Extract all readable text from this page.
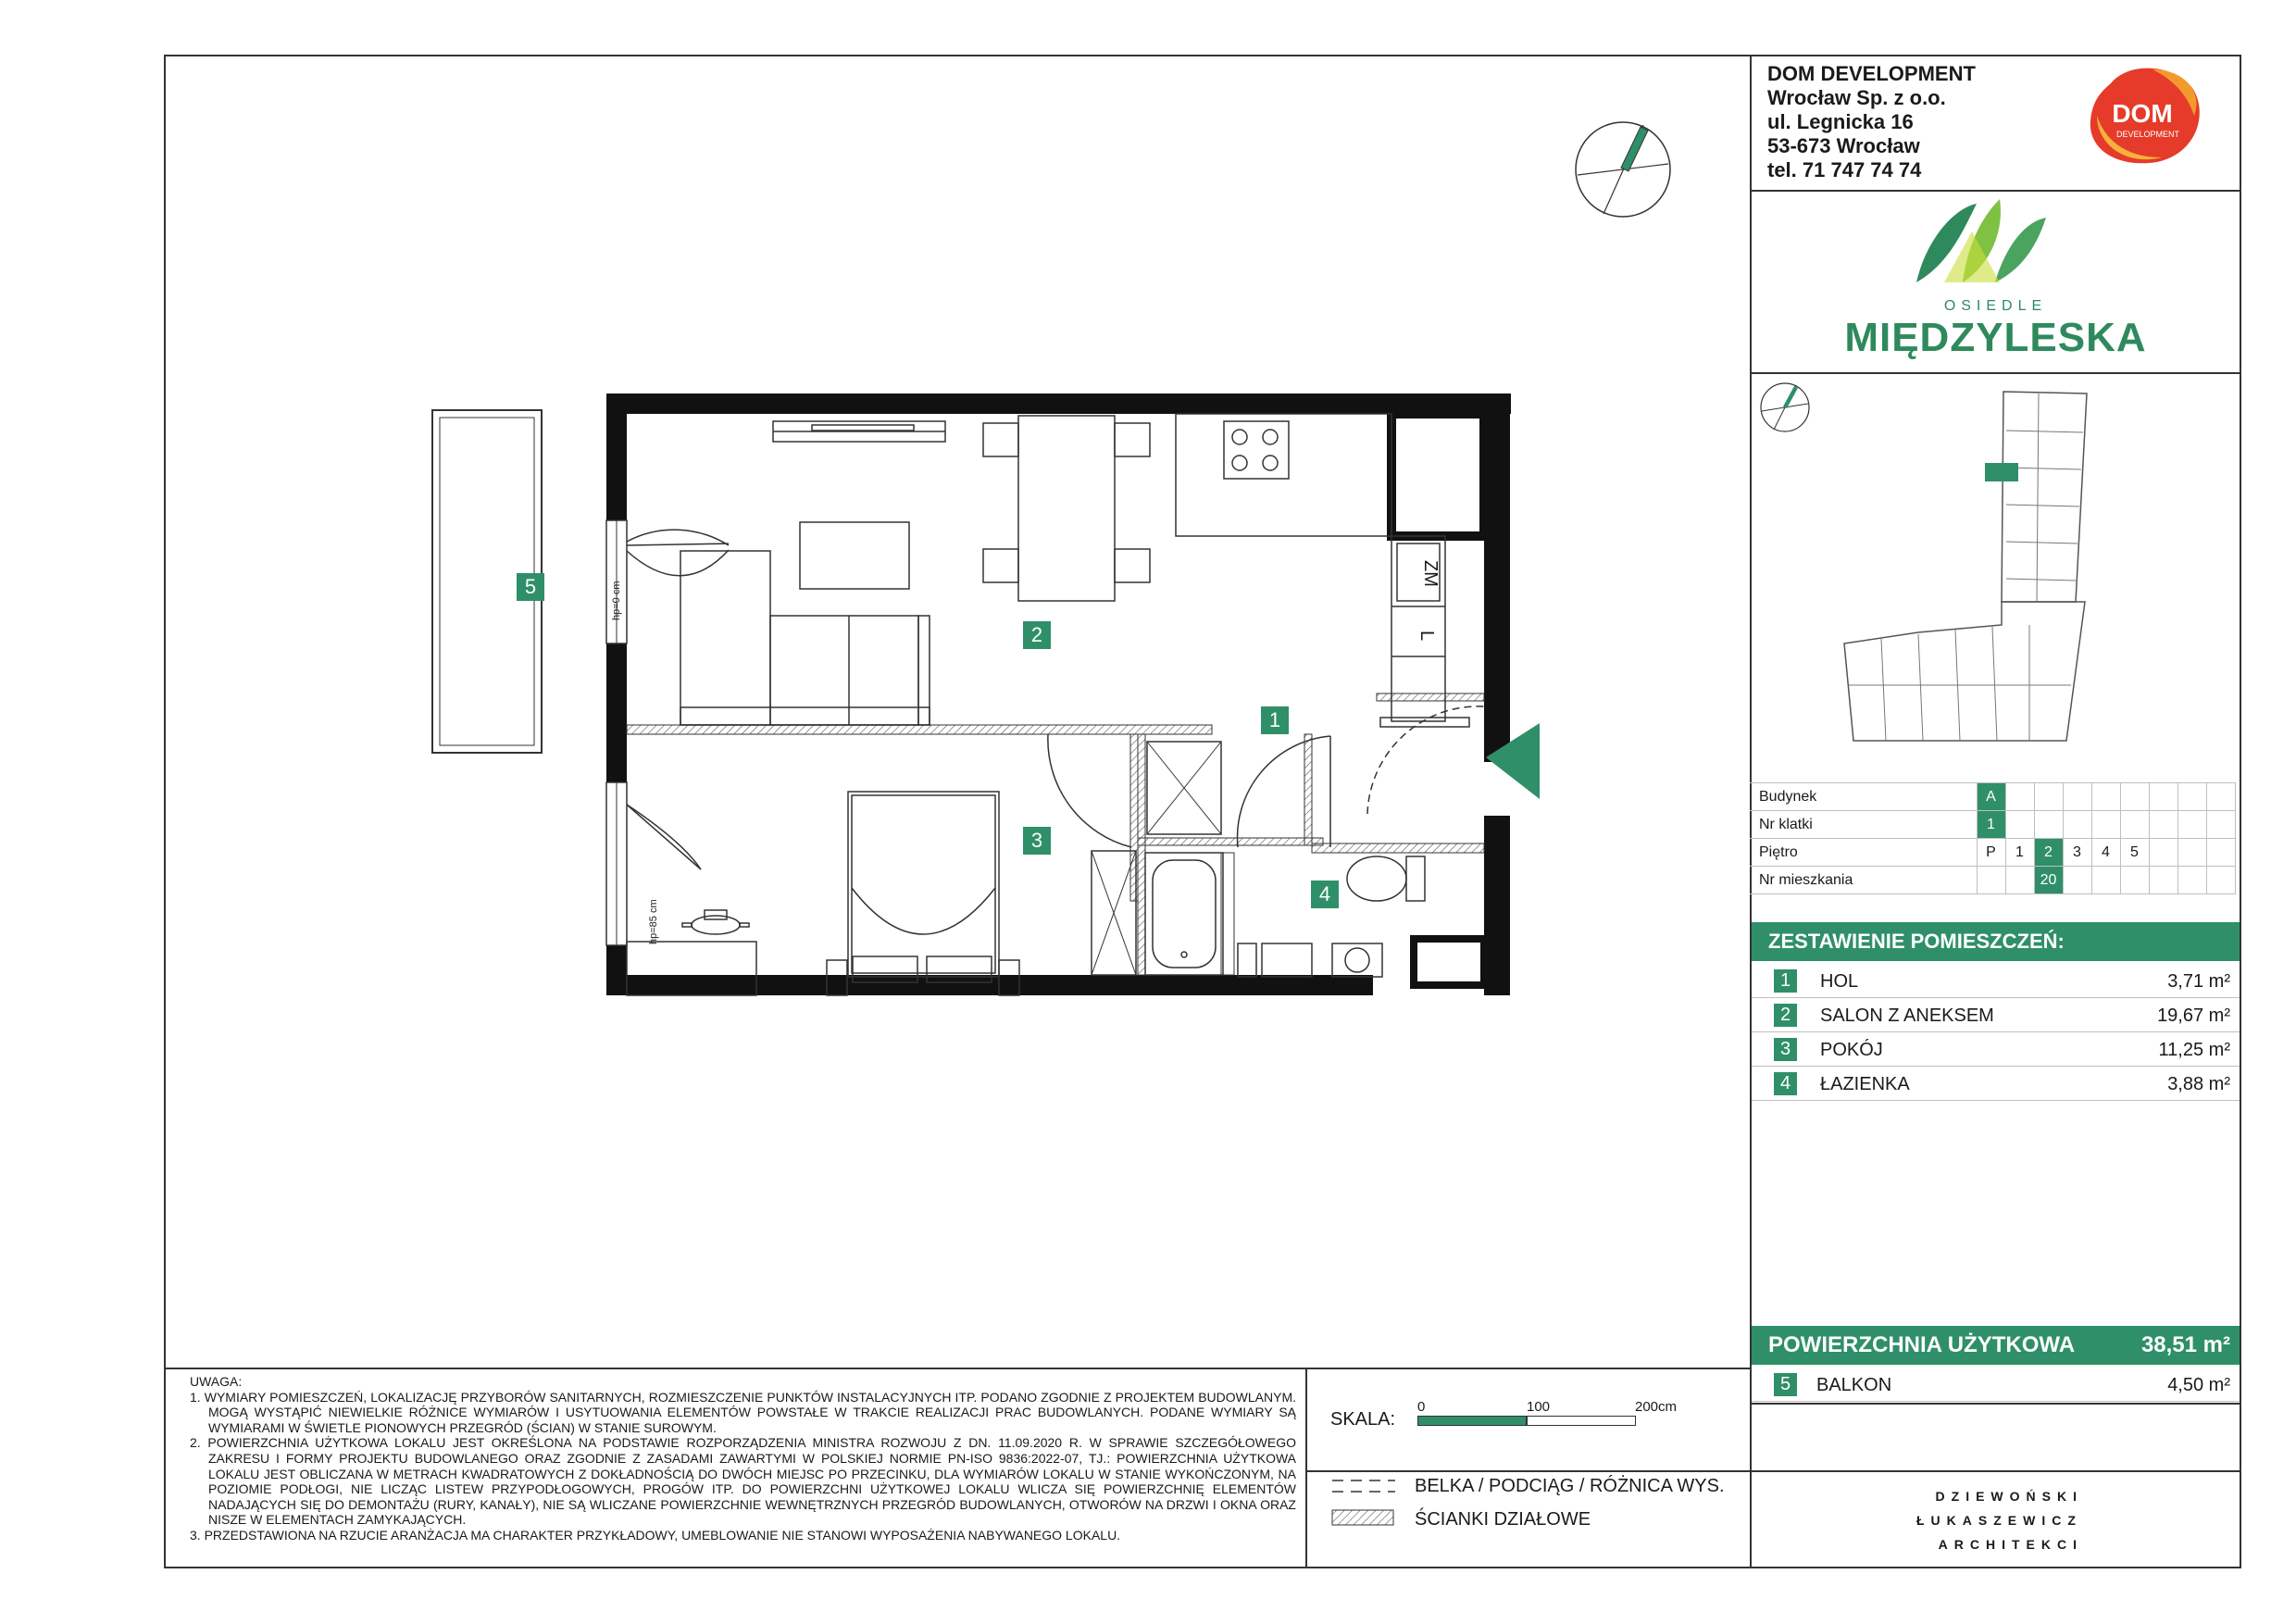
5
2
1
3
4
ZM
L
hp=0 cm
hp=85 cm
DOM DEVELOPMENT
Wrocław Sp. z o.o.
ul. Legnicka 16
53-673 Wrocław
tel. 71 747 74 74
DOM
DEVELOPMENT
OSIEDLE
MIĘDZYLESKA
Budynek	A								
Nr klatki	1								
Piętro	P	1	2	3	4	5			
Nr mieszkania			20						
ZESTAWIENIE POMIESZCZEŃ:
1	HOL	3,71 m²
2	SALON Z ANEKSEM	19,67 m²
3	POKÓJ	11,25 m²
4	ŁAZIENKA	3,88 m²
POWIERZCHNIA UŻYTKOWA	38,51 m²
5	BALKON	4,50 m²
DZIEWOŃSKI
ŁUKASZEWICZ
ARCHITEKCI

UWAGA:

1. WYMIARY POMIESZCZEŃ, LOKALIZACJĘ PRZYBORÓW SANITARNYCH, ROZMIESZCZENIE PUNKTÓW INSTALACYJNYCH ITP. PODANO ZGODNIE Z PROJEKTEM BUDOWLANYM. MOGĄ WYSTĄPIĆ NIEWIELKIE RÓŻNICE WYMIARÓW I USYTUOWANIA ELEMENTÓW POWSTAŁE W TRAKCIE REALIZACJI PRAC BUDOWLANYCH. PODANE WYMIARY SĄ WYMIARAMI W ŚWIETLE PIONOWYCH PRZEGRÓD (ŚCIAN) W STANIE SUROWYM.

2. POWIERZCHNIA UŻYTKOWA LOKALU JEST OKREŚLONA NA PODSTAWIE ROZPORZĄDZENIA MINISTRA ROZWOJU Z DN. 11.09.2020 R. W SPRAWIE SZCZEGÓŁOWEGO ZAKRESU I FORMY PROJEKTU BUDOWLANEGO ORAZ ZGODNIE Z ZASADAMI ZAWARTYMI W POLSKIEJ NORMIE PN-ISO 9836:2022-07, TJ.: POWIERZCHNIA UŻYTKOWA LOKALU JEST OBLICZANA W METRACH KWADRATOWYCH Z DOKŁADNOŚCIĄ DO DWÓCH MIEJSC PO PRZECINKU, DLA WYMIARÓW LOKALU W STANIE WYKOŃCZONYM, NA POZIOMIE PODŁOGI, NIE LICZĄC LISTEW PRZYPODŁOGOWYCH, PROGÓW ITP. DO POWIERZCHNI UŻYTKOWEJ LOKALU WLICZA SIĘ POWIERZCHNIĘ ELEMENTÓW NADAJĄCYCH SIĘ DO DEMONTAŻU (RURY, KANAŁY), NIE SĄ WLICZANE POWIERZCHNIE WEWNĘTRZNYCH PRZEGRÓD BUDOWLANYCH, OTWORÓW NA DRZWI I OKNA ORAZ NISZE W ELEMENTACH ZAMYKAJĄCYCH.

3. PRZEDSTAWIONA NA RZUCIE ARANŻACJA MA CHARAKTER PRZYKŁADOWY, UMEBLOWANIE NIE STANOWI WYPOSAŻENIA NABYWANEGO LOKALU.

SKALA:
0	100	200cm
BELKA / PODCIĄG / RÓŻNICA WYS.
ŚCIANKI DZIAŁOWE
